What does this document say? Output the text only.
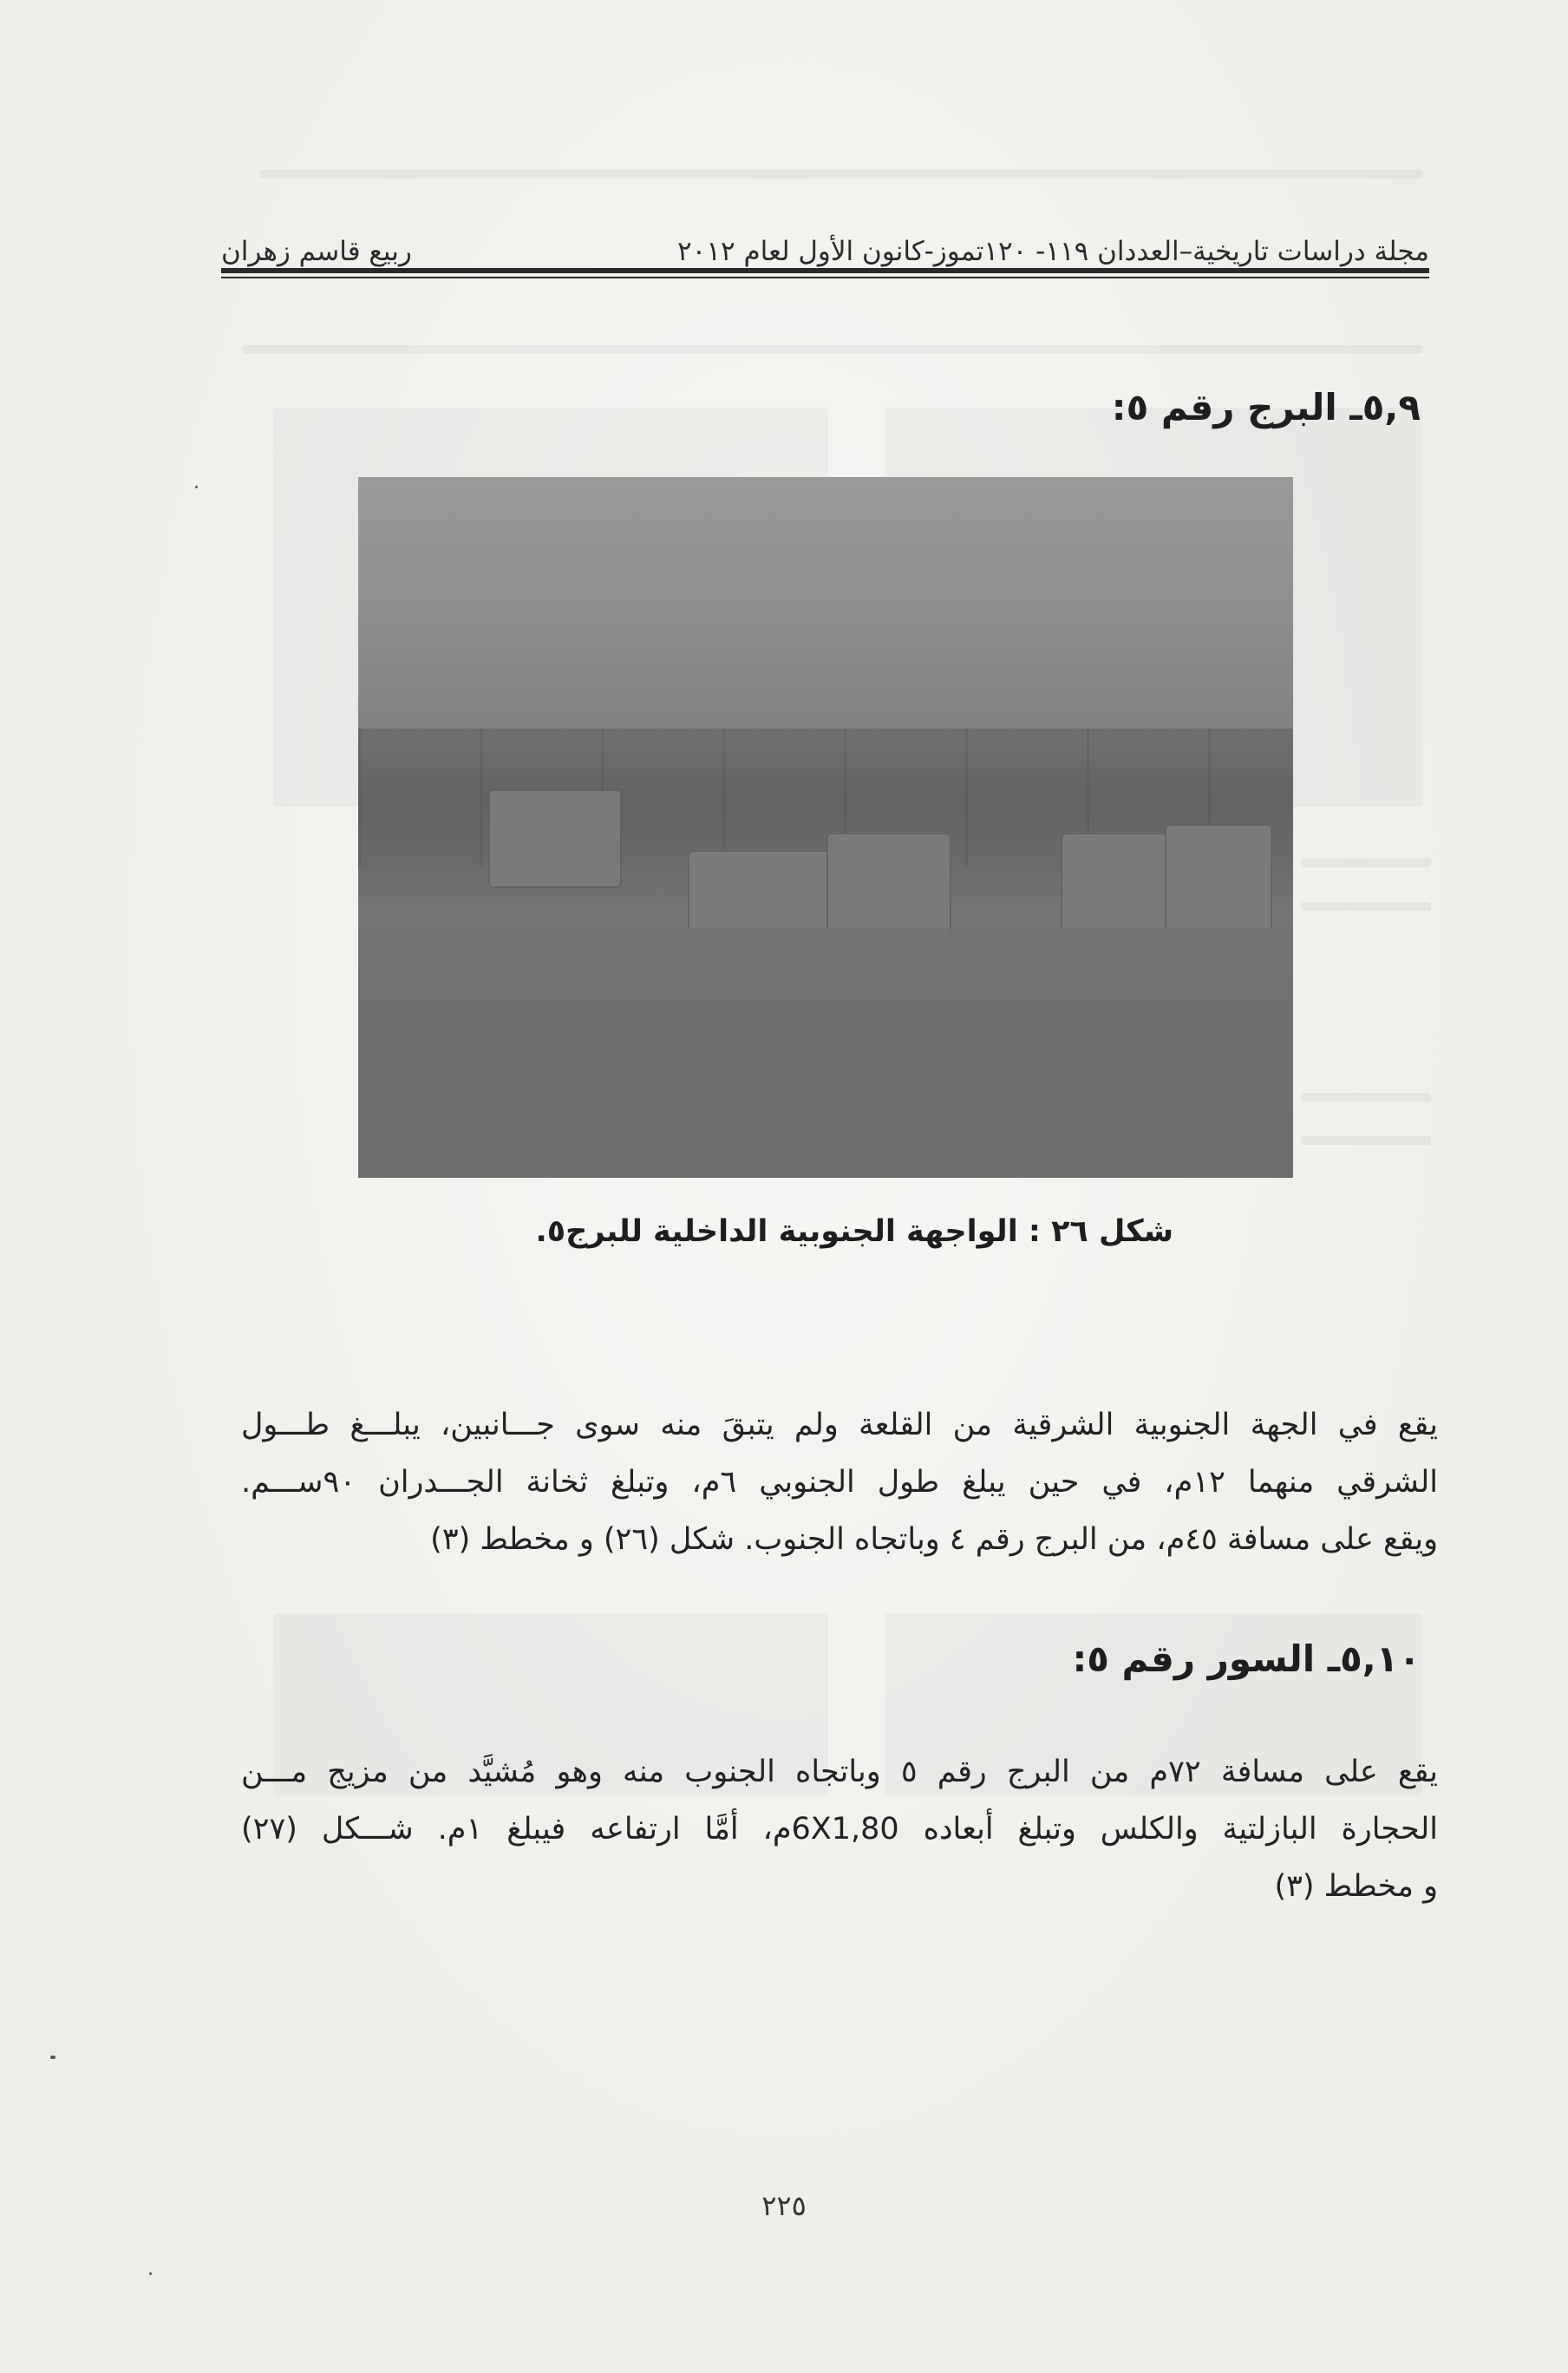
مجلة دراسات تاريخية–العددان ١١٩- ١٢٠تموز-كانون الأول لعام ٢٠١٢
ربيع قاسم زهران
٥,٩ـ البرج رقم ٥:
شكل ٢٦ : الواجهة الجنوبية الداخلية للبرج٥.
يقع في الجهة الجنوبية الشرقية من القلعة ولم يتبقَ منه سوى جـــانبين، يبلـــغ طـــول
الشرقي منهما ١٢م، في حين يبلغ طول الجنوبي ٦م، وتبلغ ثخانة الجـــدران ٩٠ســـم.
ويقع على مسافة ٤٥م، من البرج رقم ٤ وباتجاه الجنوب. شكل (٢٦) و مخطط (٣)
٥,١٠ـ السور رقم ٥:
يقع على مسافة ٧٢م من البرج رقم ٥ وباتجاه الجنوب منه وهو مُشيَّد من مزيج مـــن
الحجارة البازلتية والكلس وتبلغ أبعاده 6X1,80م، أمَّا ارتفاعه فيبلغ ١م. شـــكل (٢٧)
و مخطط (٣)
٢٢٥
